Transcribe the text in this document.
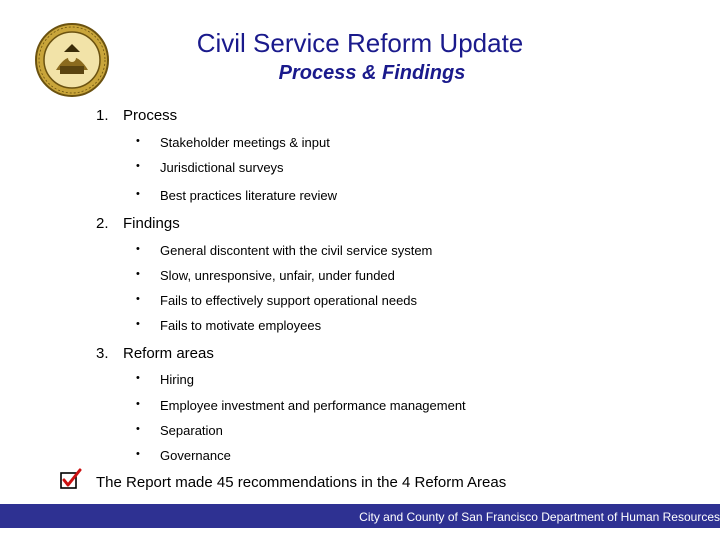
Civil Service Reform Update
Process & Findings
1. Process
• Stakeholder meetings & input
• Jurisdictional surveys
• Best practices literature review
2. Findings
• General discontent with the civil service system
• Slow, unresponsive, unfair, under funded
• Fails to effectively support operational needs
• Fails to motivate employees
3. Reform areas
• Hiring
• Employee investment and performance management
• Separation
• Governance
The Report made 45 recommendations in the 4 Reform Areas
City and County of San Francisco Department of Human Resources
